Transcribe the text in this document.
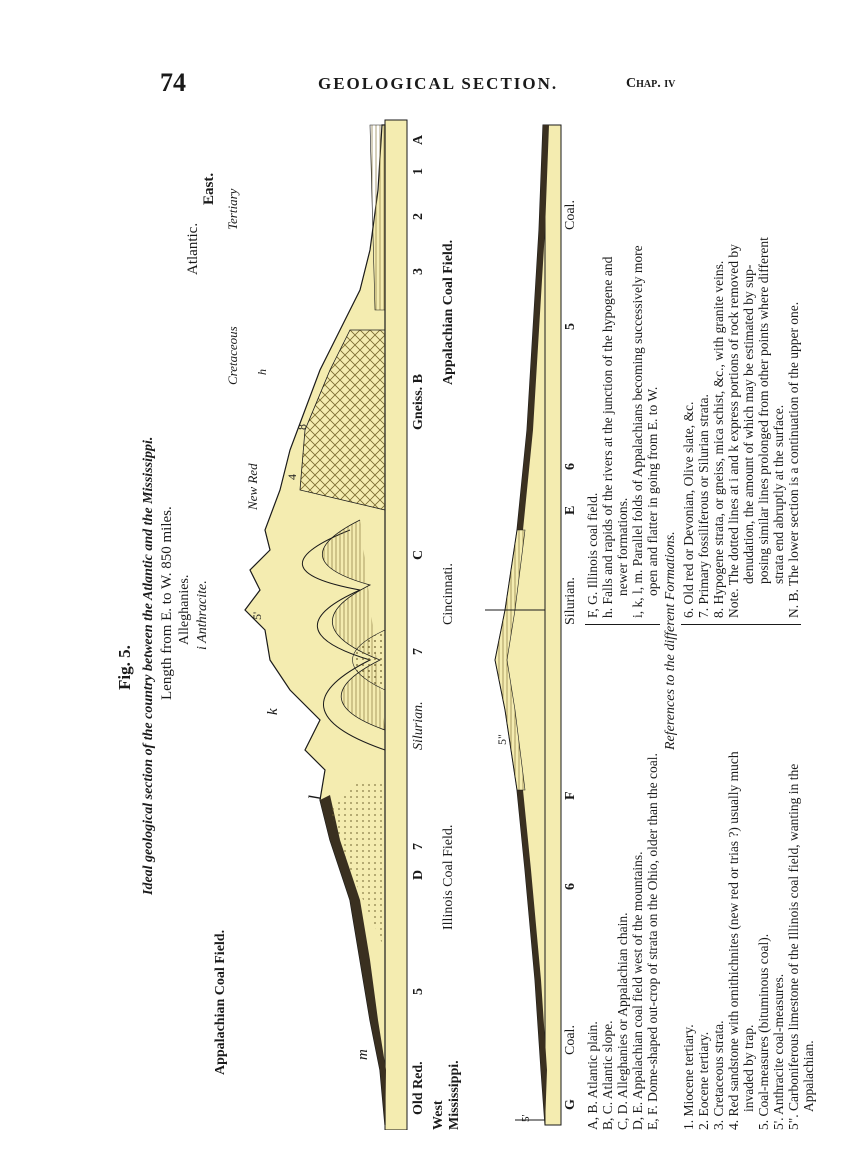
74	GEOLOGICAL SECTION.	Chap. iv
Fig. 5. Ideal geological section of the country between the Atlantic and the Mississippi. Length from E. to W. 850 miles.
Appalachian Coal Field.
Alleghanies. i Anthracite.
Atlantic.
East.
m
l
k
New Red
Cretaceous h
Tertiary
8
4
5'
Old Red.
5
D
7
Silurian.
7
C
Gneiss. B
3
2
1
A
West Mississippi.
Illinois Coal Field.
Cincinnati.
Appalachian Coal Field.
5"
5'
G
Coal.
6
F
Silurian.
E
6
5
Coal.
A, B. Atlantic plain. B, C. Atlantic slope. C, D. Alleghanies or Appalachian chain. D, E. Appalachian coal field west of the mountains. E, F. Dome-shaped out-crop of strata on the Ohio, older than the coal.
F, G. Illinois coal field. h. Falls and rapids of the rivers at the junction of the hypogene and newer formations. i, k, l, m. Parallel folds of Appalachians becoming successively more open and flatter in going from E. to W.
References to the different Formations.
1. Miocene tertiary. 2. Eocene tertiary. 3. Cretaceous strata. 4. Red sandstone with ornithichnites (new red or trias ?) usually much invaded by trap. 5. Coal-measures (bituminous coal). 5'. Anthracite coal-measures. 5". Carboniferous limestone of the Illinois coal field, wanting in the Appalachian.
6. Old red or Devonian, Olive slate, &c. 7. Primary fossiliferous or Silurian strata. 8. Hypogene strata, or gneiss, mica schist, &c., with granite veins. Note. The dotted lines at i and k express portions of rock removed by denudation, the amount of which may be estimated by sup- posing similar lines prolonged from other points where different strata end abruptly at the surface. N. B. The lower section is a continuation of the upper one.
